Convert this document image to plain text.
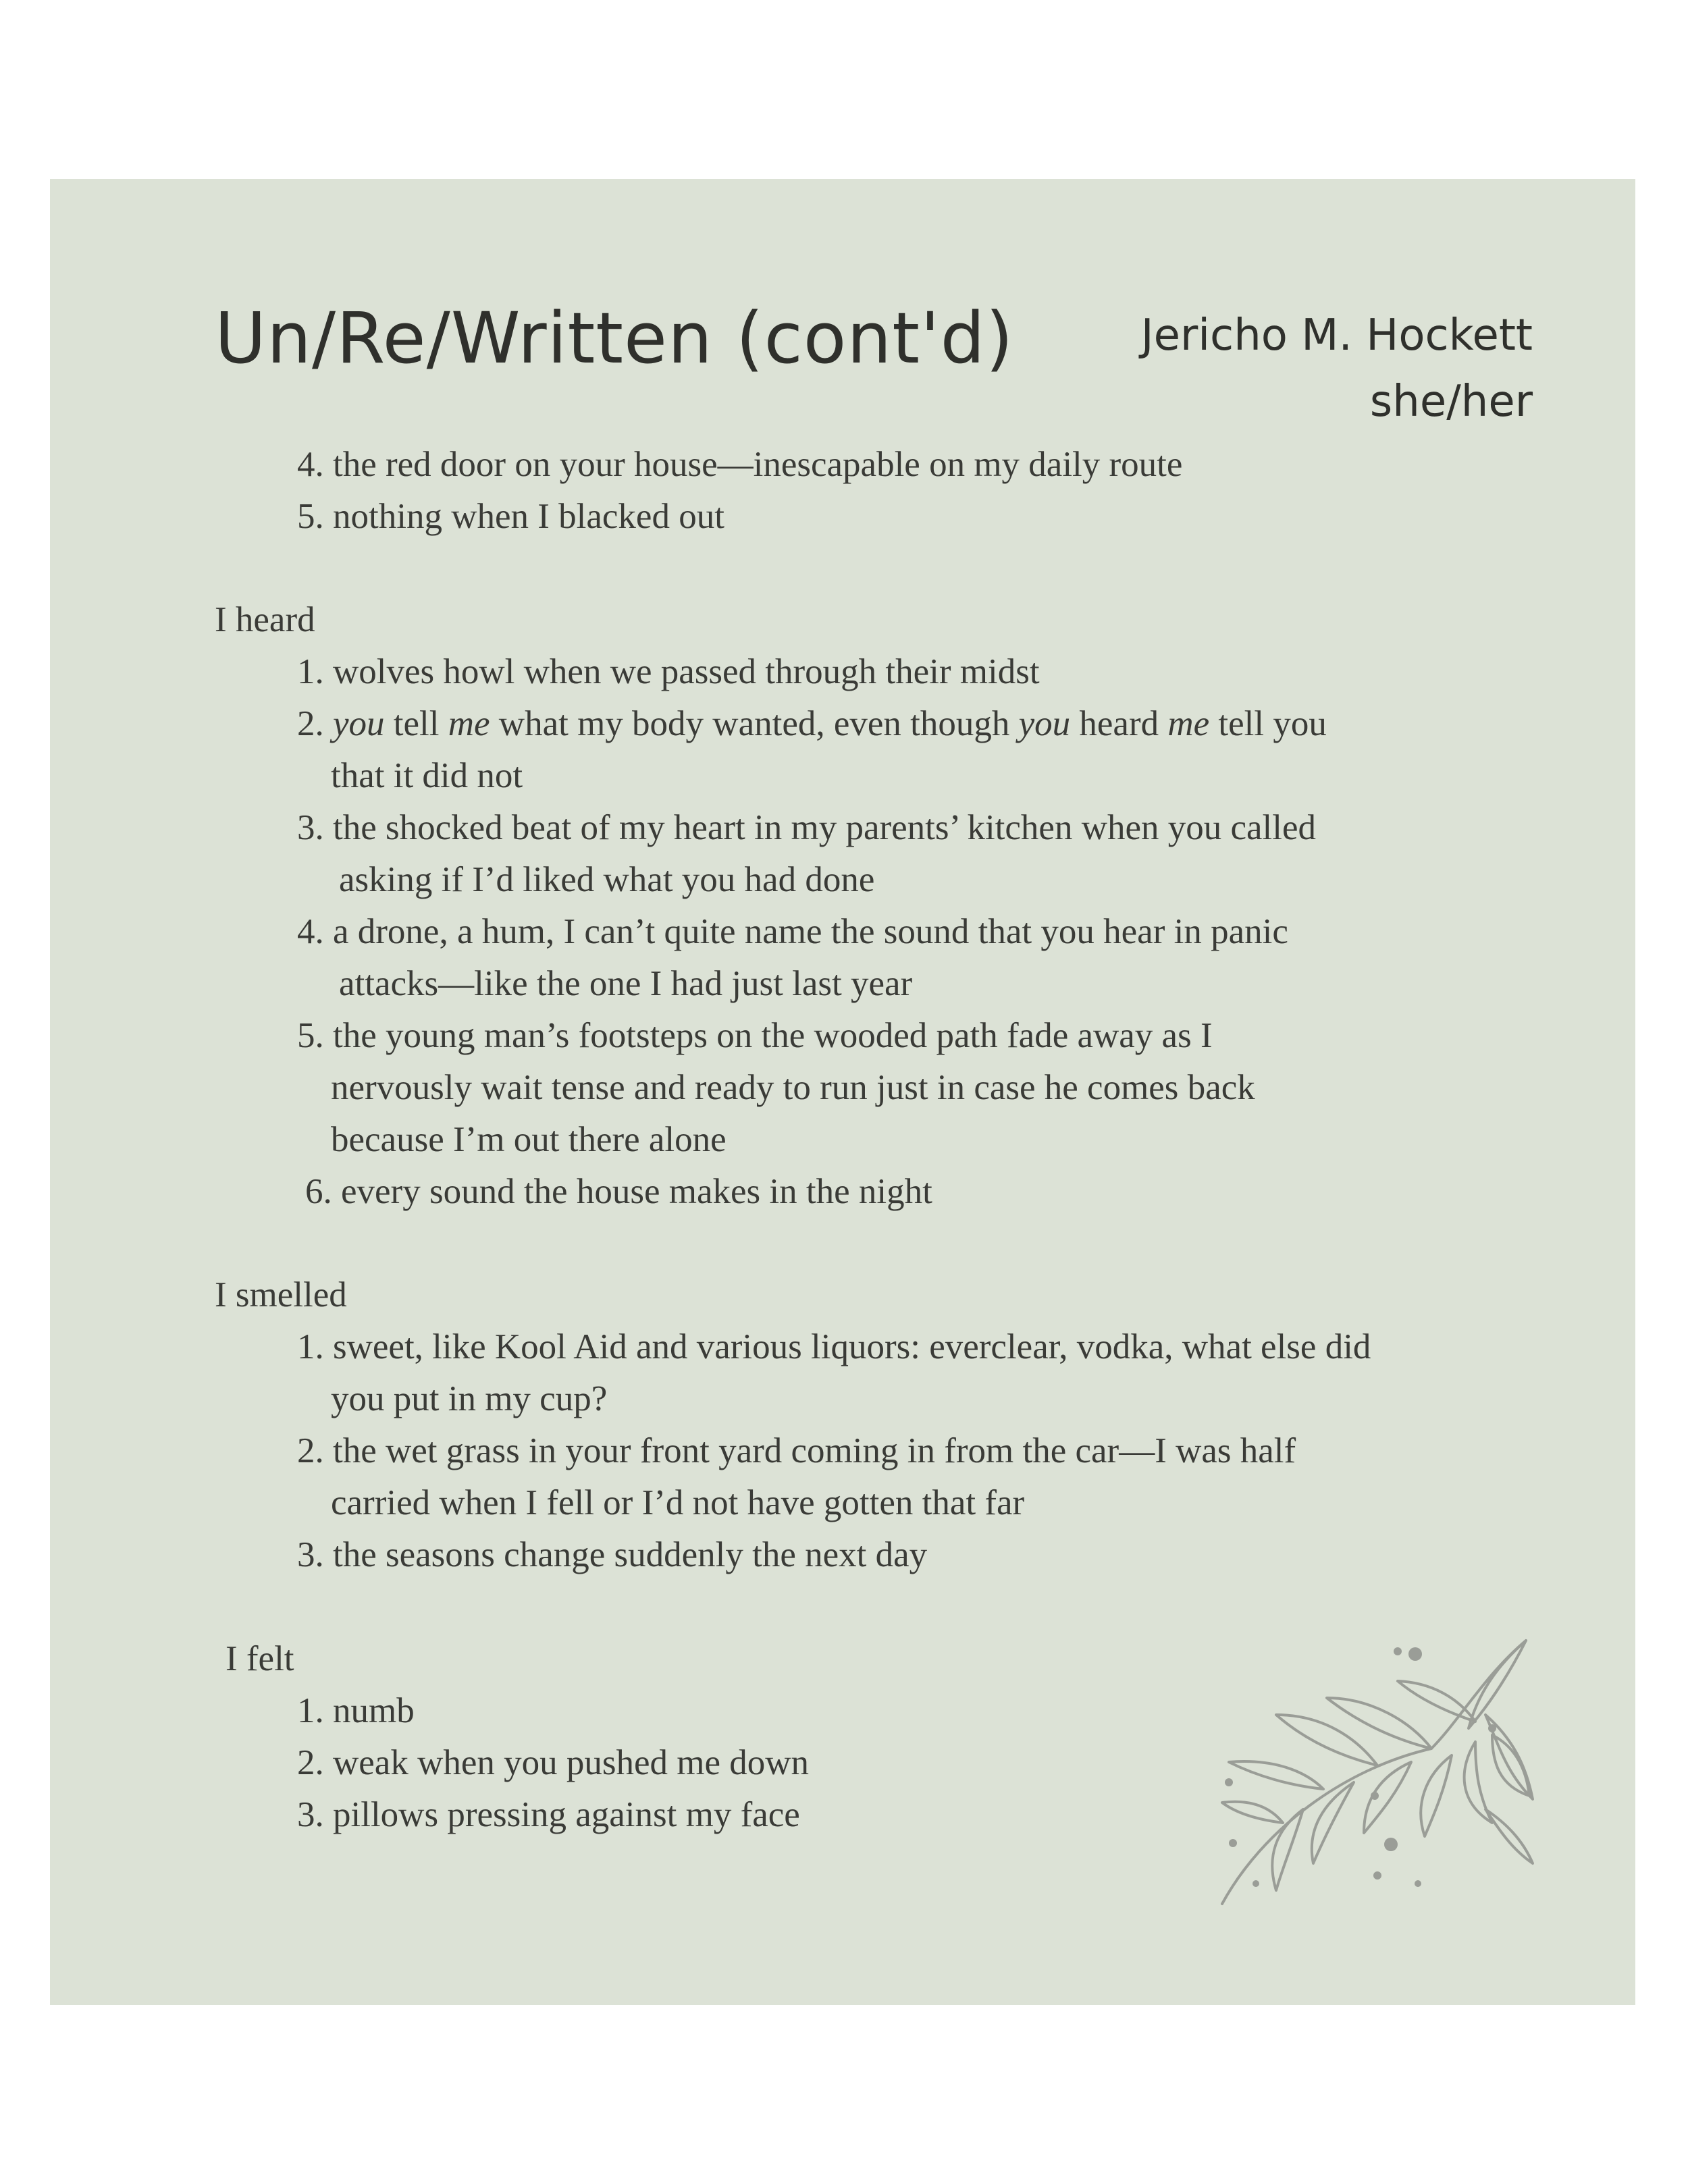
Un/Re/Written (cont'd)	Jericho M. Hockett
she/her
4. the red door on your house—inescapable on my daily route
5. nothing when I blacked out
I heard
1. wolves howl when we passed through their midst
2. you tell me what my body wanted, even though you heard me tell you
that it did not
3. the shocked beat of my heart in my parents’ kitchen when you called
asking if I’d liked what you had done
4. a drone, a hum, I can’t quite name the sound that you hear in panic
attacks—like the one I had just last year
5. the young man’s footsteps on the wooded path fade away as I
nervously wait tense and ready to run just in case he comes back
because I’m out there alone
6. every sound the house makes in the night
I smelled
1. sweet, like Kool Aid and various liquors: everclear, vodka, what else did
you put in my cup?
2. the wet grass in your front yard coming in from the car—I was half
carried when I fell or I’d not have gotten that far
3. the seasons change suddenly the next day
I felt
1. numb
2. weak when you pushed me down
3. pillows pressing against my face
